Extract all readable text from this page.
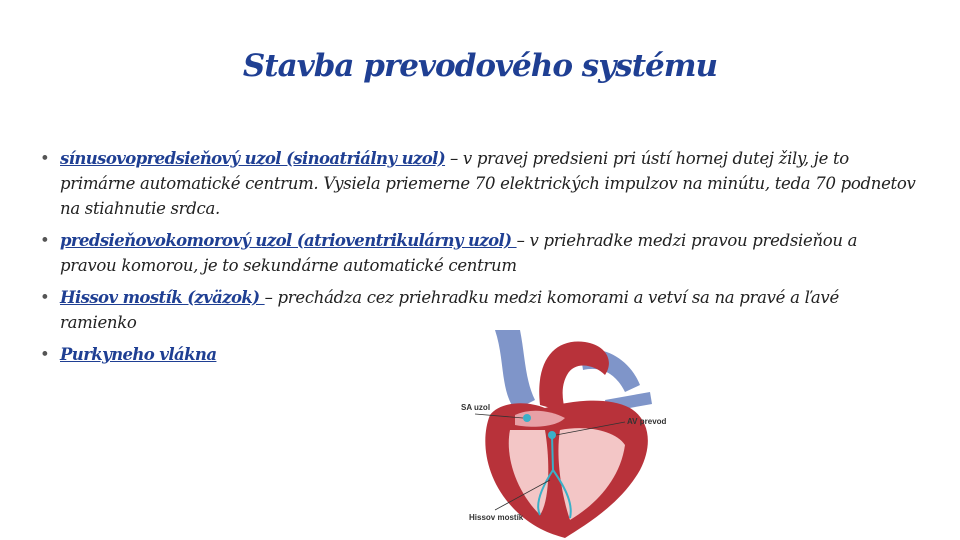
Stavba prevodového systému
• sínusovopredsieňový uzol (sinoatriálny uzol) – v pravej predsieni pri ústí hornej dutej žily, je to primárne automatické centrum. Vysiela priemerne 70 elektrických impulzov na minútu, teda 70 podnetov na stiahnutie srdca.
• predsieňovokomorový uzol (atrioventrikulárny uzol) – v priehradke medzi pravou predsieňou a pravou komorou, je to sekundárne automatické centrum
• Hissov mostík (zväzok) – prechádza cez priehradku medzi komorami a vetví sa na pravé a ľavé ramienko
• Purkyneho vlákna
SA uzol
AV prevod
Hissov mostík
